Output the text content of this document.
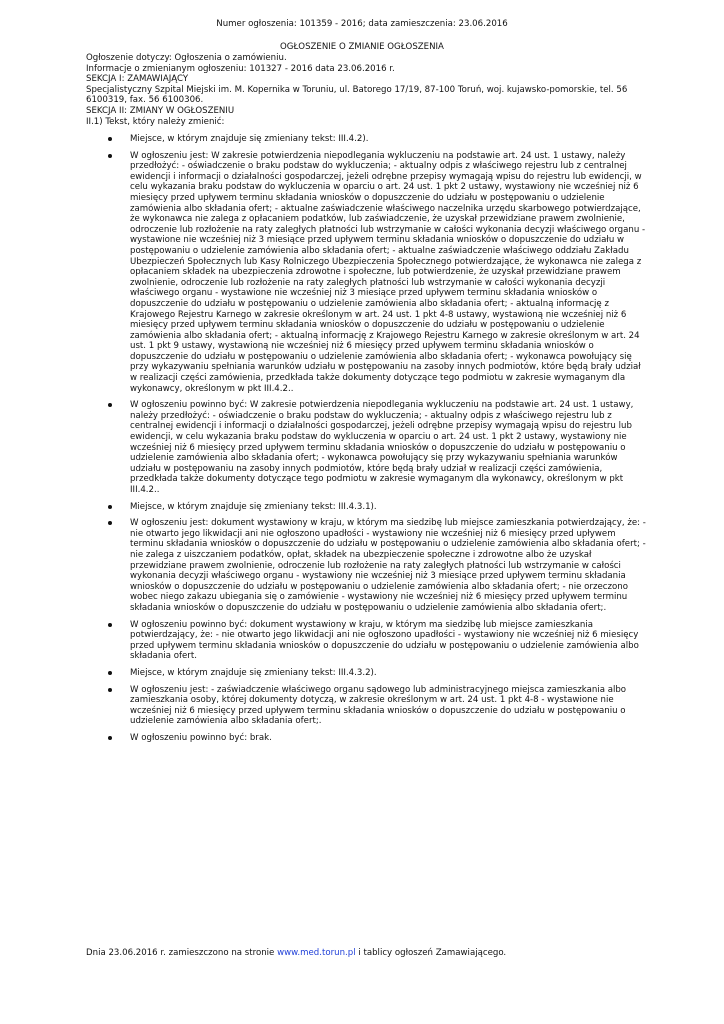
Numer ogłoszenia: 101359 - 2016; data zamieszczenia: 23.06.2016
OGŁOSZENIE O ZMIANIE OGŁOSZENIA

Ogłoszenie dotyczy: Ogłoszenia o zamówieniu.

Informacje o zmienianym ogłoszeniu: 101327 - 2016 data 23.06.2016 r.

SEKCJA I: ZAMAWIAJĄCY

Specjalistyczny Szpital Miejski im. M. Kopernika w Toruniu, ul. Batorego 17/19, 87-100 Toruń, woj. kujawsko-pomorskie, tel. 56 6100319, fax. 56 6100306.

SEKCJA II: ZMIANY W OGŁOSZENIU

II.1) Tekst, który należy zmienić:

Miejsce, w którym znajduje się zmieniany tekst: III.4.2).
W ogłoszeniu jest: W zakresie potwierdzenia niepodlegania wykluczeniu na podstawie art. 24 ust. 1 ustawy, należy przedłożyć: - oświadczenie o braku podstaw do wykluczenia; - aktualny odpis z właściwego rejestru lub z centralnej ewidencji i informacji o działalności gospodarczej, jeżeli odrębne przepisy wymagają wpisu do rejestru lub ewidencji, w celu wykazania braku podstaw do wykluczenia w oparciu o art. 24 ust. 1 pkt 2 ustawy, wystawiony nie wcześniej niż 6 miesięcy przed upływem terminu składania wniosków o dopuszczenie do udziału w postępowaniu o udzielenie zamówienia albo składania ofert; - aktualne zaświadczenie właściwego naczelnika urzędu skarbowego potwierdzające, że wykonawca nie zalega z opłacaniem podatków, lub zaświadczenie, że uzyskał przewidziane prawem zwolnienie, odroczenie lub rozłożenie na raty zaległych płatności lub wstrzymanie w całości wykonania decyzji właściwego organu - wystawione nie wcześniej niż 3 miesiące przed upływem terminu składania wniosków o dopuszczenie do udziału w postępowaniu o udzielenie zamówienia albo składania ofert; - aktualne zaświadczenie właściwego oddziału Zakładu Ubezpieczeń Społecznych lub Kasy Rolniczego Ubezpieczenia Społecznego potwierdzające, że wykonawca nie zalega z opłacaniem składek na ubezpieczenia zdrowotne i społeczne, lub potwierdzenie, że uzyskał przewidziane prawem zwolnienie, odroczenie lub rozłożenie na raty zaległych płatności lub wstrzymanie w całości wykonania decyzji właściwego organu - wystawione nie wcześniej niż 3 miesiące przed upływem terminu składania wniosków o dopuszczenie do udziału w postępowaniu o udzielenie zamówienia albo składania ofert; - aktualną informację z Krajowego Rejestru Karnego w zakresie określonym w art. 24 ust. 1 pkt 4-8 ustawy, wystawioną nie wcześniej niż 6 miesięcy przed upływem terminu składania wniosków o dopuszczenie do udziału w postępowaniu o udzielenie zamówienia albo składania ofert; - aktualną informację z Krajowego Rejestru Karnego w zakresie określonym w art. 24 ust. 1 pkt 9 ustawy, wystawioną nie wcześniej niż 6 miesięcy przed upływem terminu składania wniosków o dopuszczenie do udziału w postępowaniu o udzielenie zamówienia albo składania ofert; - wykonawca powołujący się przy wykazywaniu spełniania warunków udziału w postępowaniu na zasoby innych podmiotów, które będą brały udział w realizacji części zamówienia, przedkłada także dokumenty dotyczące tego podmiotu w zakresie wymaganym dla wykonawcy, określonym w pkt III.4.2..
W ogłoszeniu powinno być: W zakresie potwierdzenia niepodlegania wykluczeniu na podstawie art. 24 ust. 1 ustawy, należy przedłożyć: - oświadczenie o braku podstaw do wykluczenia; - aktualny odpis z właściwego rejestru lub z centralnej ewidencji i informacji o działalności gospodarczej, jeżeli odrębne przepisy wymagają wpisu do rejestru lub ewidencji, w celu wykazania braku podstaw do wykluczenia w oparciu o art. 24 ust. 1 pkt 2 ustawy, wystawiony nie wcześniej niż 6 miesięcy przed upływem terminu składania wniosków o dopuszczenie do udziału w postępowaniu o udzielenie zamówienia albo składania ofert; - wykonawca powołujący się przy wykazywaniu spełniania warunków udziału w postępowaniu na zasoby innych podmiotów, które będą brały udział w realizacji części zamówienia, przedkłada także dokumenty dotyczące tego podmiotu w zakresie wymaganym dla wykonawcy, określonym w pkt III.4.2..
Miejsce, w którym znajduje się zmieniany tekst: III.4.3.1).
W ogłoszeniu jest: dokument wystawiony w kraju, w którym ma siedzibę lub miejsce zamieszkania potwierdzający, że: - nie otwarto jego likwidacji ani nie ogłoszono upadłości - wystawiony nie wcześniej niż 6 miesięcy przed upływem terminu składania wniosków o dopuszczenie do udziału w postępowaniu o udzielenie zamówienia albo składania ofert; - nie zalega z uiszczaniem podatków, opłat, składek na ubezpieczenie społeczne i zdrowotne albo że uzyskał przewidziane prawem zwolnienie, odroczenie lub rozłożenie na raty zaległych płatności lub wstrzymanie w całości wykonania decyzji właściwego organu - wystawiony nie wcześniej niż 3 miesiące przed upływem terminu składania wniosków o dopuszczenie do udziału w postępowaniu o udzielenie zamówienia albo składania ofert; - nie orzeczono wobec niego zakazu ubiegania się o zamówienie - wystawiony nie wcześniej niż 6 miesięcy przed upływem terminu składania wniosków o dopuszczenie do udziału w postępowaniu o udzielenie zamówienia albo składania ofert;.
W ogłoszeniu powinno być: dokument wystawiony w kraju, w którym ma siedzibę lub miejsce zamieszkania potwierdzający, że: - nie otwarto jego likwidacji ani nie ogłoszono upadłości - wystawiony nie wcześniej niż 6 miesięcy przed upływem terminu składania wniosków o dopuszczenie do udziału w postępowaniu o udzielenie zamówienia albo składania ofert.
Miejsce, w którym znajduje się zmieniany tekst: III.4.3.2).
W ogłoszeniu jest: - zaświadczenie właściwego organu sądowego lub administracyjnego miejsca zamieszkania albo zamieszkania osoby, której dokumenty dotyczą, w zakresie określonym w art. 24 ust. 1 pkt 4-8 - wystawione nie wcześniej niż 6 miesięcy przed upływem terminu składania wniosków o dopuszczenie do udziału w postępowaniu o udzielenie zamówienia albo składania ofert;.
W ogłoszeniu powinno być: brak.
Dnia 23.06.2016 r. zamieszczono na stronie www.med.torun.pl i tablicy ogłoszeń Zamawiającego.
